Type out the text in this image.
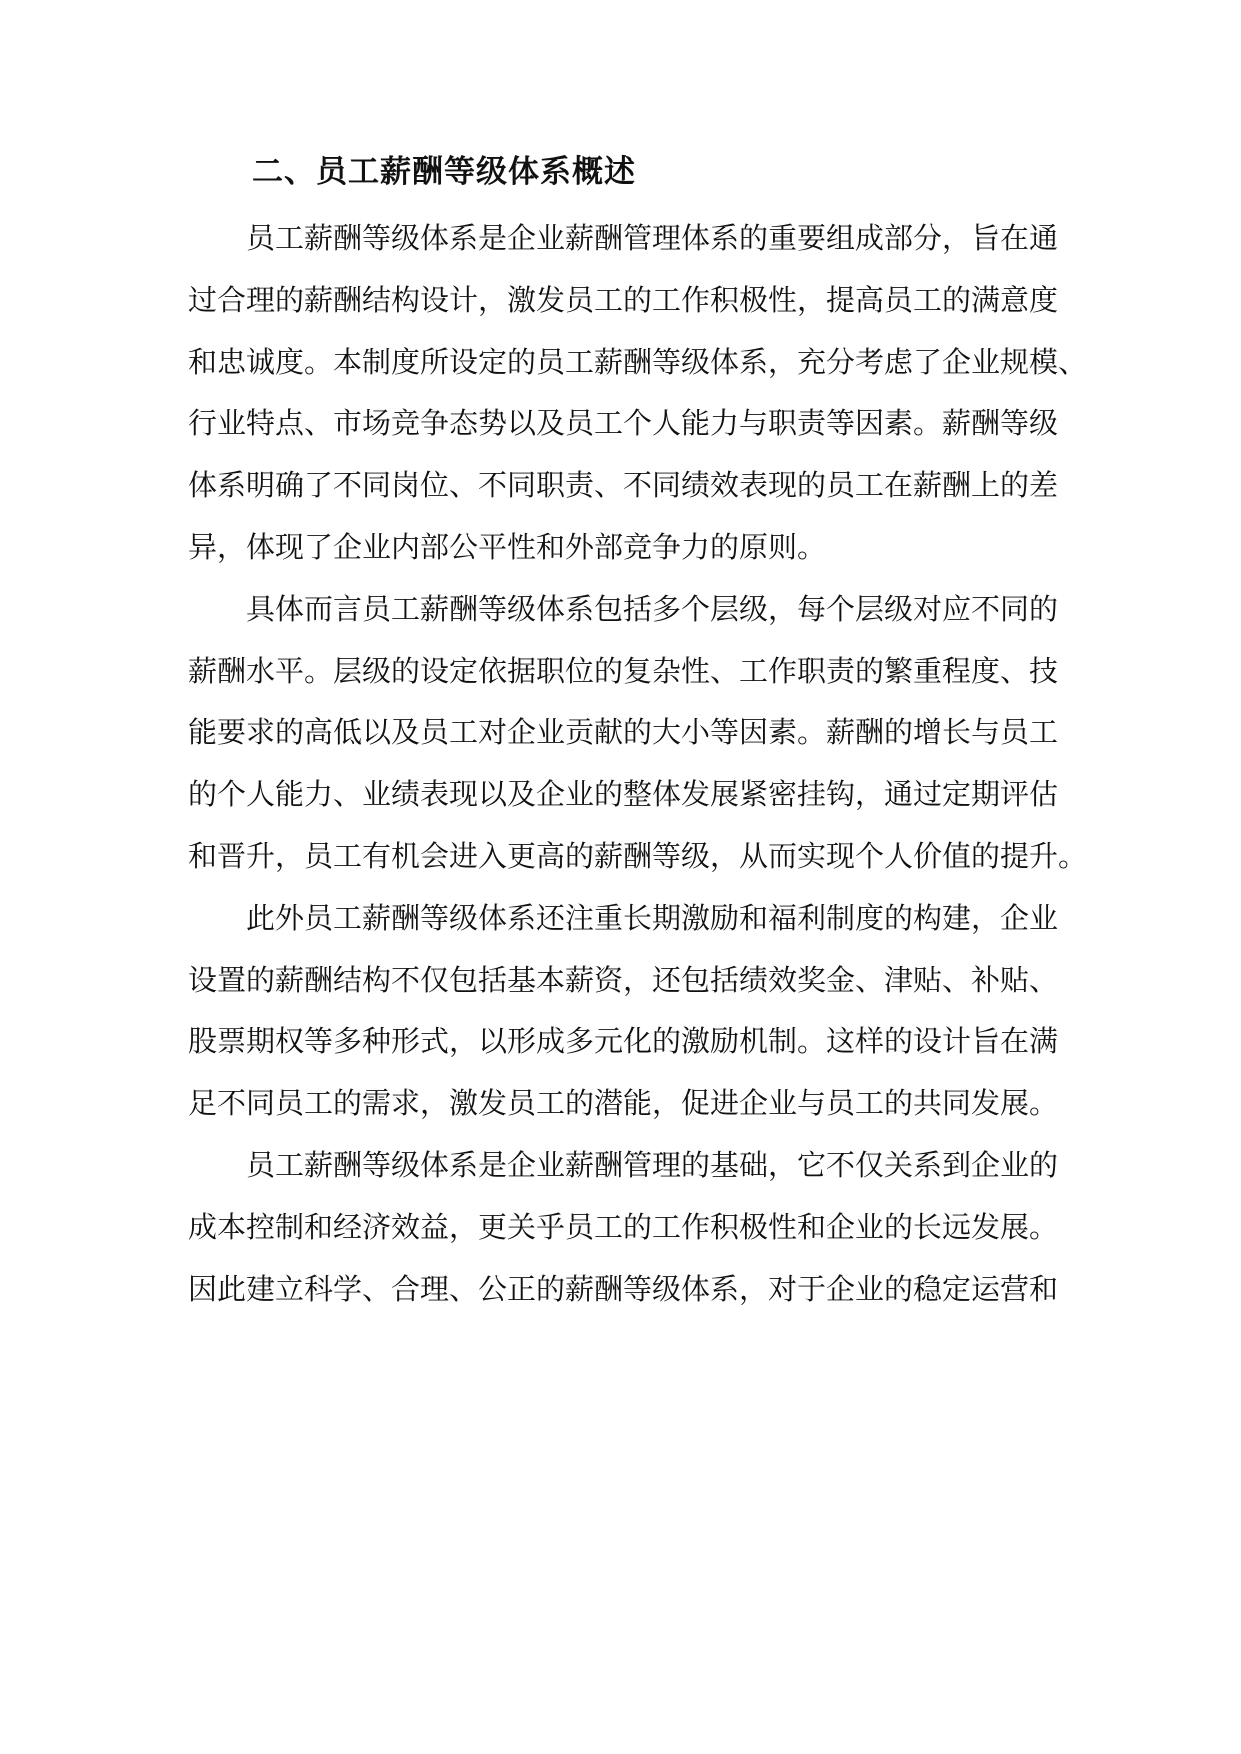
二、员工薪酬等级体系概述
员工薪酬等级体系是企业薪酬管理体系的重要组成部分，旨在通
过合理的薪酬结构设计，激发员工的工作积极性，提高员工的满意度
和忠诚度。本制度所设定的员工薪酬等级体系，充分考虑了企业规模、
行业特点、市场竞争态势以及员工个人能力与职责等因素。薪酬等级
体系明确了不同岗位、不同职责、不同绩效表现的员工在薪酬上的差
异，体现了企业内部公平性和外部竞争力的原则。
具体而言员工薪酬等级体系包括多个层级，每个层级对应不同的
薪酬水平。层级的设定依据职位的复杂性、工作职责的繁重程度、技
能要求的高低以及员工对企业贡献的大小等因素。薪酬的增长与员工
的个人能力、业绩表现以及企业的整体发展紧密挂钩，通过定期评估
和晋升，员工有机会进入更高的薪酬等级，从而实现个人价值的提升。
此外员工薪酬等级体系还注重长期激励和福利制度的构建，企业
设置的薪酬结构不仅包括基本薪资，还包括绩效奖金、津贴、补贴、
股票期权等多种形式，以形成多元化的激励机制。这样的设计旨在满
足不同员工的需求，激发员工的潜能，促进企业与员工的共同发展。
员工薪酬等级体系是企业薪酬管理的基础，它不仅关系到企业的
成本控制和经济效益，更关乎员工的工作积极性和企业的长远发展。
因此建立科学、合理、公正的薪酬等级体系，对于企业的稳定运营和
